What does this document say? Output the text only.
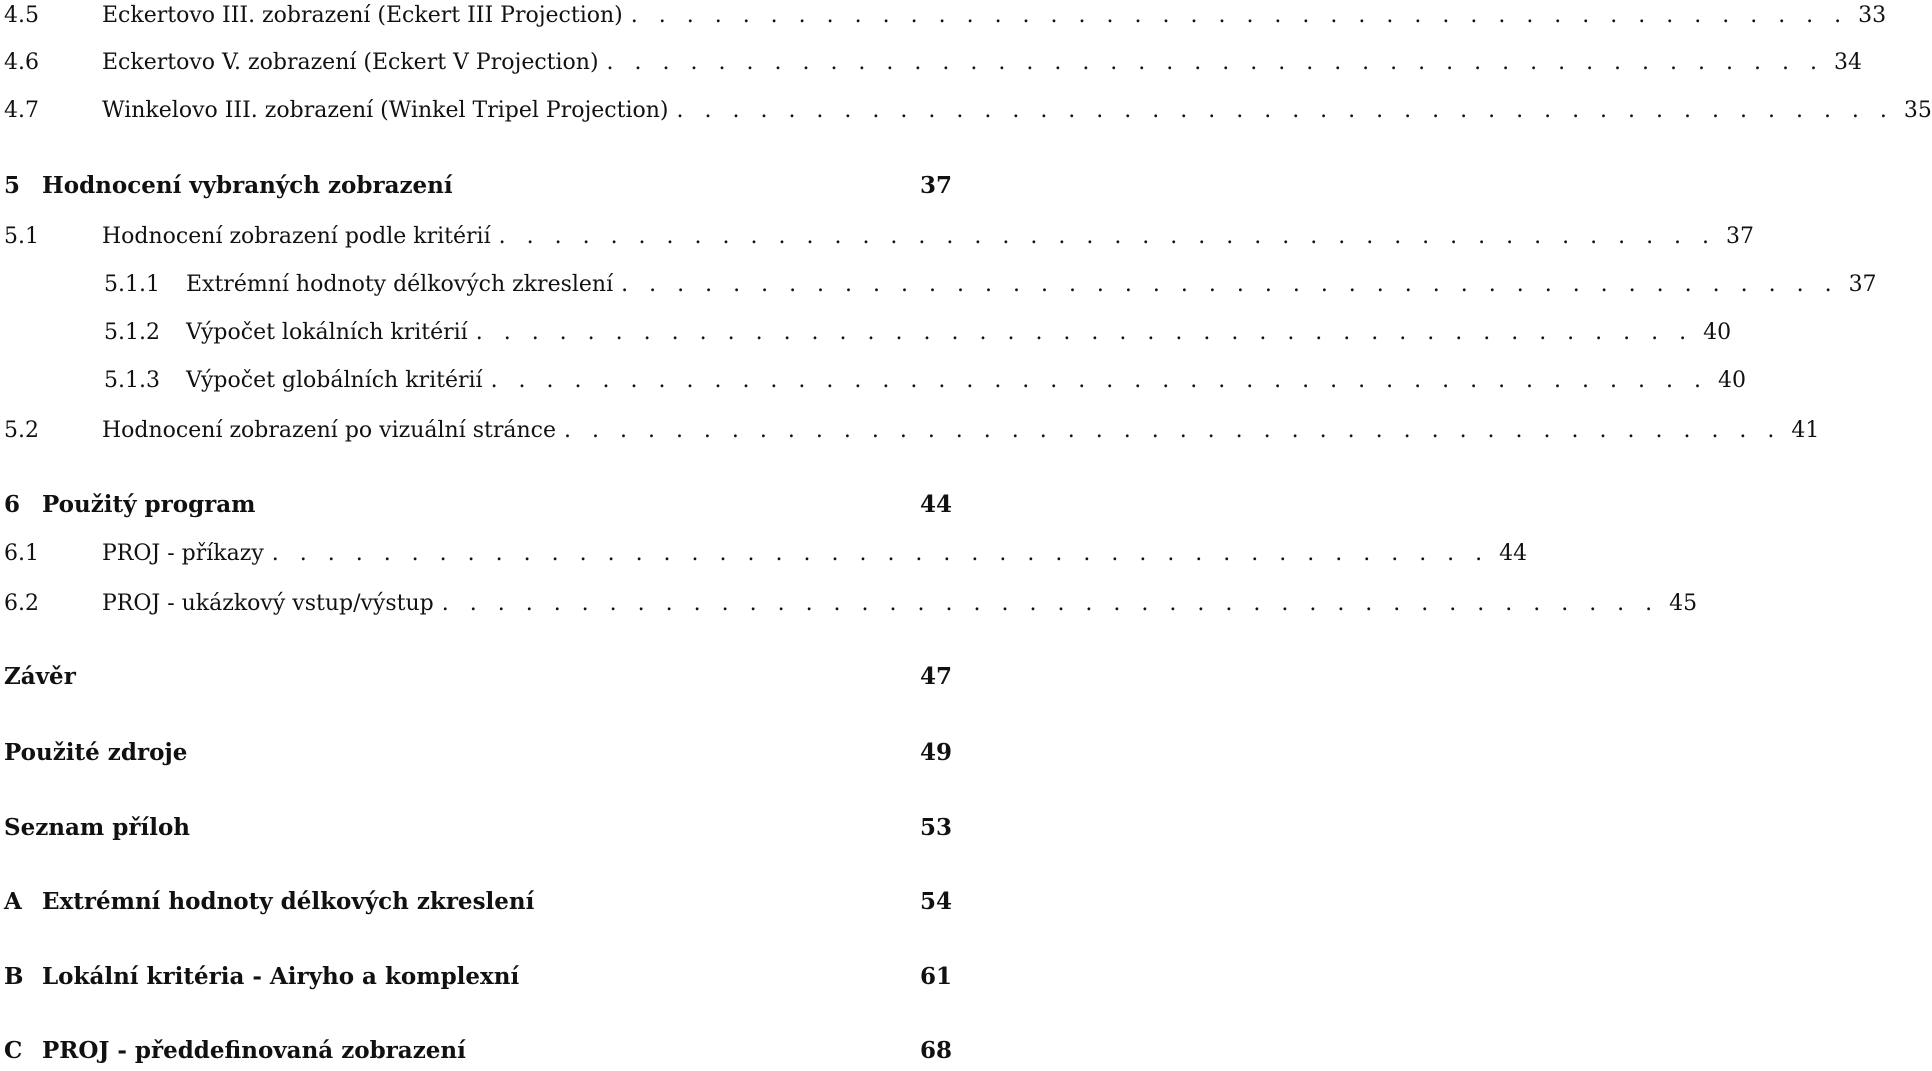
4.5	Eckertovo III. zobrazení (Eckert III Projection) . . . . . . . . . . . . . . . . . . . . . . . . . . . . . . . . . . . . . . . . . . . . 33
4.6	Eckertovo V. zobrazení (Eckert V Projection) . . . . . . . . . . . . . . . . . . . . . . . . . . . . . . . . . . . . . . . . . . . . 34
4.7	Winkelovo III. zobrazení (Winkel Tripel Projection) . . . . . . . . . . . . . . . . . . . . . . . . . . . . . . . . . . . . . . . . . . . . 35
5 Hodnocení vybraných zobrazení	37
5.1	Hodnocení zobrazení podle kritérií . . . . . . . . . . . . . . . . . . . . . . . . . . . . . . . . . . . . . . . . . . . . 37
5.1.1	Extrémní hodnoty délkových zkreslení . . . . . . . . . . . . . . . . . . . . . . . . . . . . . . . . . . . . . . . . . . . . 37
5.1.2	Výpočet lokálních kritérií . . . . . . . . . . . . . . . . . . . . . . . . . . . . . . . . . . . . . . . . . . . . 40
5.1.3	Výpočet globálních kritérií . . . . . . . . . . . . . . . . . . . . . . . . . . . . . . . . . . . . . . . . . . . . 40
5.2	Hodnocení zobrazení po vizuální stránce . . . . . . . . . . . . . . . . . . . . . . . . . . . . . . . . . . . . . . . . . . . . 41
6 Použitý program	44
6.1	PROJ - příkazy . . . . . . . . . . . . . . . . . . . . . . . . . . . . . . . . . . . . . . . . . . . . 44
6.2	PROJ - ukázkový vstup/výstup . . . . . . . . . . . . . . . . . . . . . . . . . . . . . . . . . . . . . . . . . . . . 45
Závěr	47
Použité zdroje	49
Seznam příloh	53
A Extrémní hodnoty délkových zkreslení	54
B Lokální kritéria - Airyho a komplexní	61
C PROJ - předdefinovaná zobrazení	68
